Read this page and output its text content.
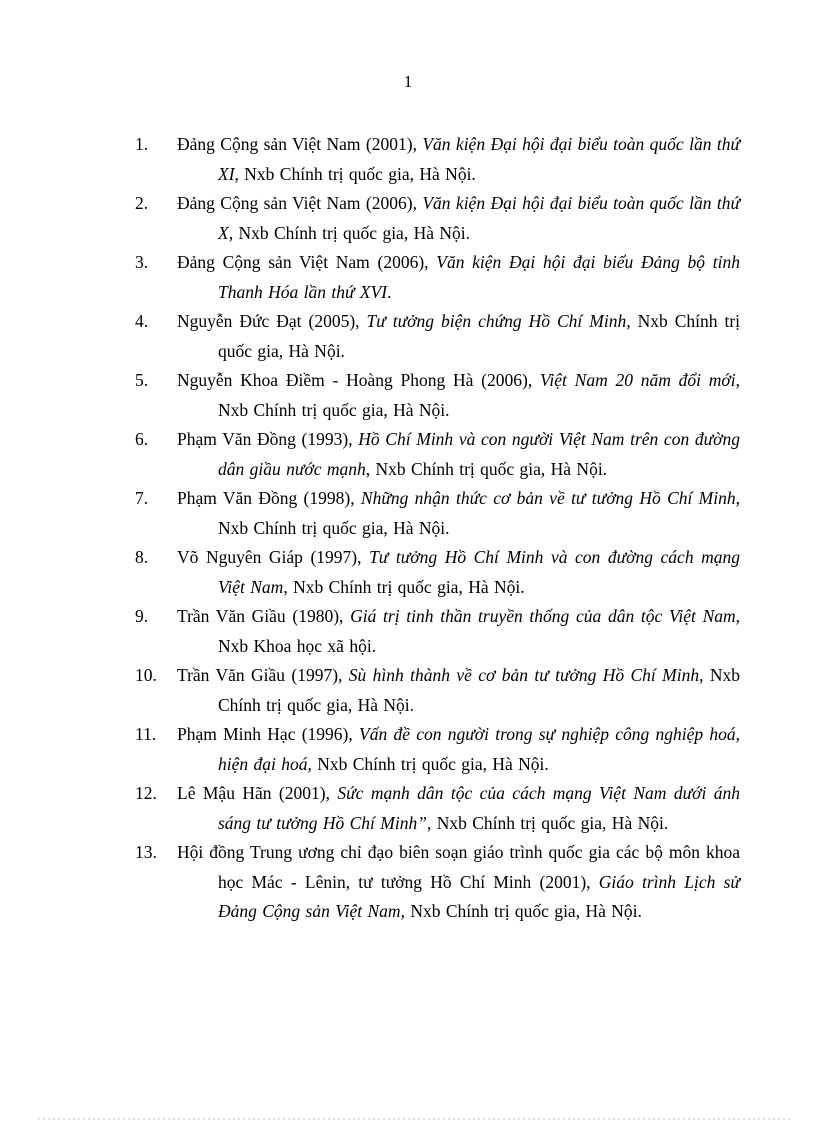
1
1. Đảng Cộng sản Việt Nam (2001), Văn kiện Đại hội đại biểu toàn quốc lần thứ XI, Nxb Chính trị quốc gia, Hà Nội.
2. Đảng Cộng sản Việt Nam (2006), Văn kiện Đại hội đại biểu toàn quốc lần thứ X, Nxb Chính trị quốc gia, Hà Nội.
3. Đảng Cộng sản Việt Nam (2006), Văn kiện Đại hội đại biểu Đảng bộ tỉnh Thanh Hóa lần thứ XVI.
4. Nguyễn Đức Đạt (2005), Tư tưởng biện chứng Hồ Chí Minh, Nxb Chính trị quốc gia, Hà Nội.
5. Nguyễn Khoa Điềm - Hoàng Phong Hà (2006), Việt Nam 20 năm đổi mới, Nxb Chính trị quốc gia, Hà Nội.
6. Phạm Văn Đồng (1993), Hồ Chí Minh và con người Việt Nam trên con đường dân giầu nước mạnh, Nxb Chính trị quốc gia, Hà Nội.
7. Phạm Văn Đồng (1998), Những nhận thức cơ bản về tư tưởng Hồ Chí Minh, Nxb Chính trị quốc gia, Hà Nội.
8. Võ Nguyên Giáp (1997), Tư tưởng Hồ Chí Minh và con đường cách mạng Việt Nam, Nxb Chính trị quốc gia, Hà Nội.
9. Trần Văn Giầu (1980), Giá trị tinh thần truyền thống của dân tộc Việt Nam, Nxb Khoa học xã hội.
10. Trần Văn Giầu (1997), Sù hình thành về cơ bản tư tưởng Hồ Chí Minh, Nxb Chính trị quốc gia, Hà Nội.
11. Phạm Minh Hạc (1996), Vấn đề con người trong sự nghiệp công nghiệp hoá, hiện đại hoá, Nxb Chính trị quốc gia, Hà Nội.
12. Lê Mậu Hãn (2001), Sức mạnh dân tộc của cách mạng Việt Nam dưới ánh sáng tư tưởng Hồ Chí Minh”, Nxb Chính trị quốc gia, Hà Nội.
13. Hội đồng Trung ương chỉ đạo biên soạn giáo trình quốc gia các bộ môn khoa học Mác - Lênin, tư tưởng Hồ Chí Minh (2001), Giáo trình Lịch sử Đảng Cộng sản Việt Nam, Nxb Chính trị quốc gia, Hà Nội.
